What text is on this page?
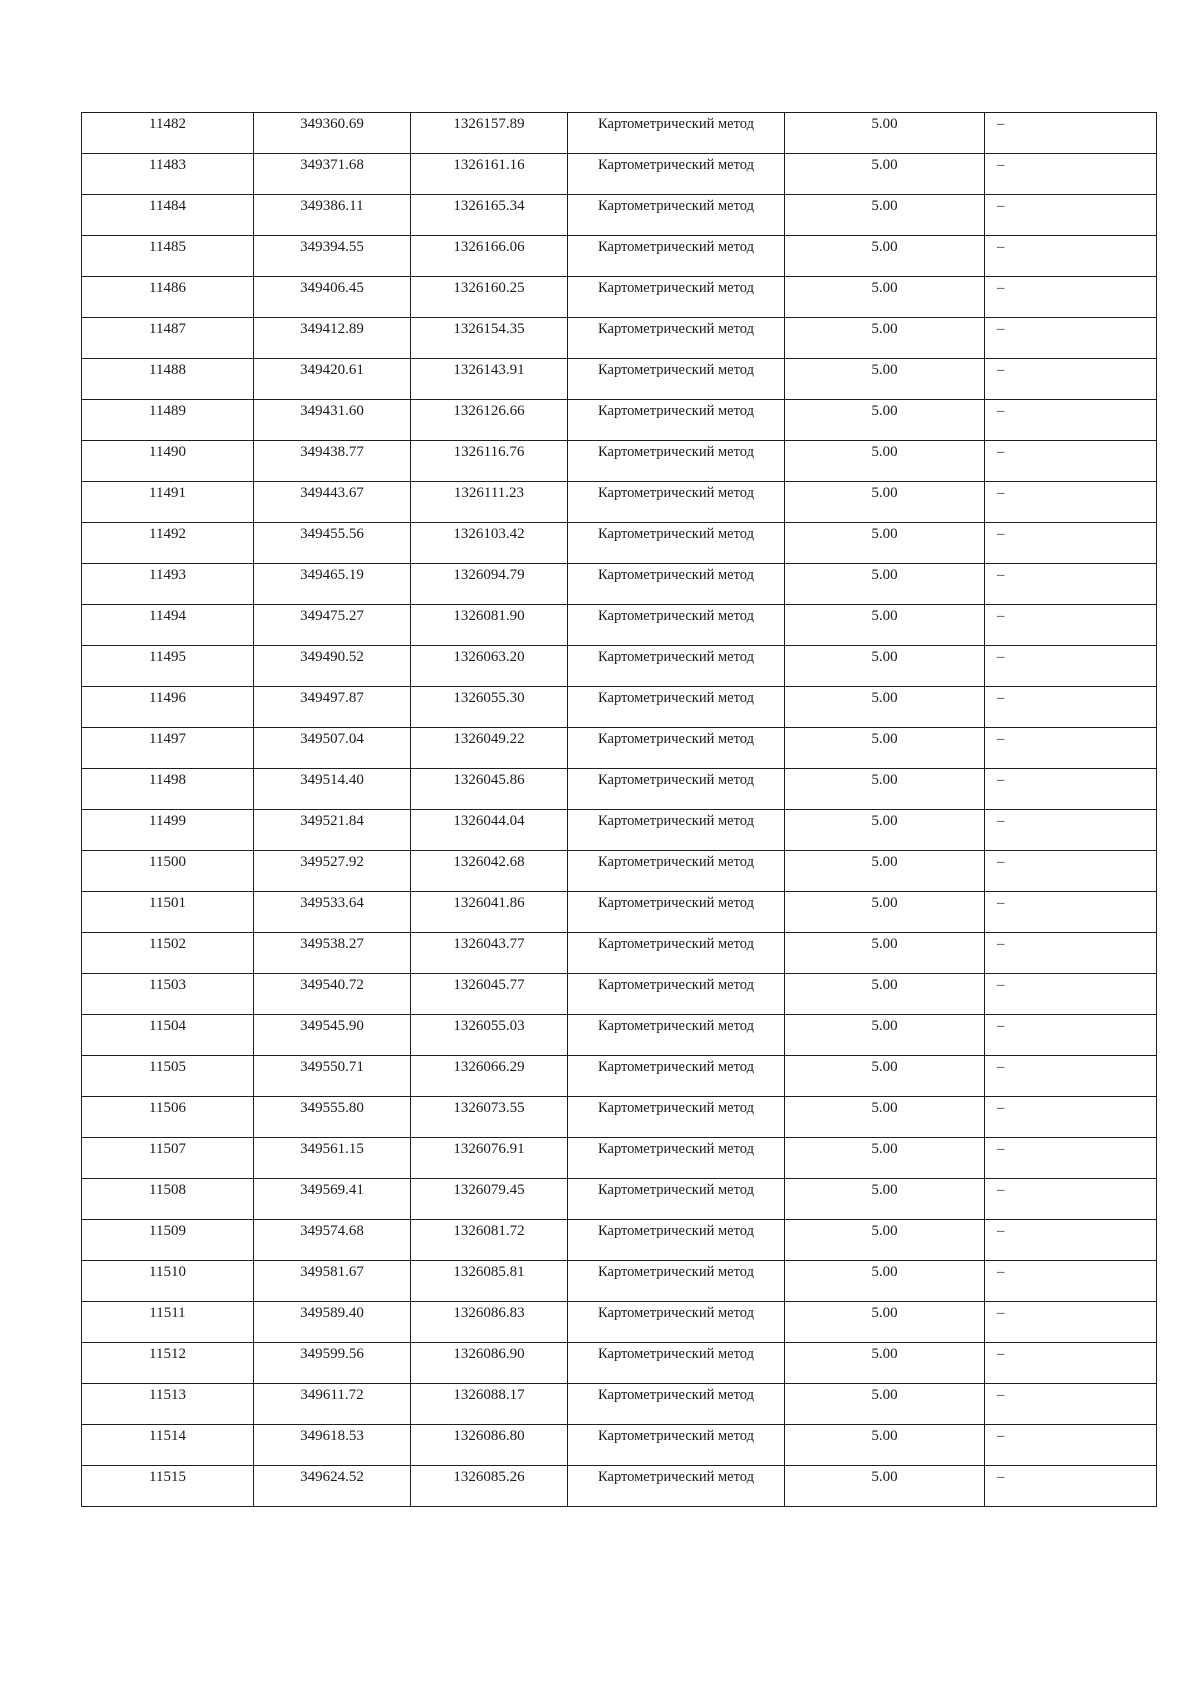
11482	349360.69	1326157.89	Картометрический метод	5.00	–
11483	349371.68	1326161.16	Картометрический метод	5.00	–
11484	349386.11	1326165.34	Картометрический метод	5.00	–
11485	349394.55	1326166.06	Картометрический метод	5.00	–
11486	349406.45	1326160.25	Картометрический метод	5.00	–
11487	349412.89	1326154.35	Картометрический метод	5.00	–
11488	349420.61	1326143.91	Картометрический метод	5.00	–
11489	349431.60	1326126.66	Картометрический метод	5.00	–
11490	349438.77	1326116.76	Картометрический метод	5.00	–
11491	349443.67	1326111.23	Картометрический метод	5.00	–
11492	349455.56	1326103.42	Картометрический метод	5.00	–
11493	349465.19	1326094.79	Картометрический метод	5.00	–
11494	349475.27	1326081.90	Картометрический метод	5.00	–
11495	349490.52	1326063.20	Картометрический метод	5.00	–
11496	349497.87	1326055.30	Картометрический метод	5.00	–
11497	349507.04	1326049.22	Картометрический метод	5.00	–
11498	349514.40	1326045.86	Картометрический метод	5.00	–
11499	349521.84	1326044.04	Картометрический метод	5.00	–
11500	349527.92	1326042.68	Картометрический метод	5.00	–
11501	349533.64	1326041.86	Картометрический метод	5.00	–
11502	349538.27	1326043.77	Картометрический метод	5.00	–
11503	349540.72	1326045.77	Картометрический метод	5.00	–
11504	349545.90	1326055.03	Картометрический метод	5.00	–
11505	349550.71	1326066.29	Картометрический метод	5.00	–
11506	349555.80	1326073.55	Картометрический метод	5.00	–
11507	349561.15	1326076.91	Картометрический метод	5.00	–
11508	349569.41	1326079.45	Картометрический метод	5.00	–
11509	349574.68	1326081.72	Картометрический метод	5.00	–
11510	349581.67	1326085.81	Картометрический метод	5.00	–
11511	349589.40	1326086.83	Картометрический метод	5.00	–
11512	349599.56	1326086.90	Картометрический метод	5.00	–
11513	349611.72	1326088.17	Картометрический метод	5.00	–
11514	349618.53	1326086.80	Картометрический метод	5.00	–
11515	349624.52	1326085.26	Картометрический метод	5.00	–
